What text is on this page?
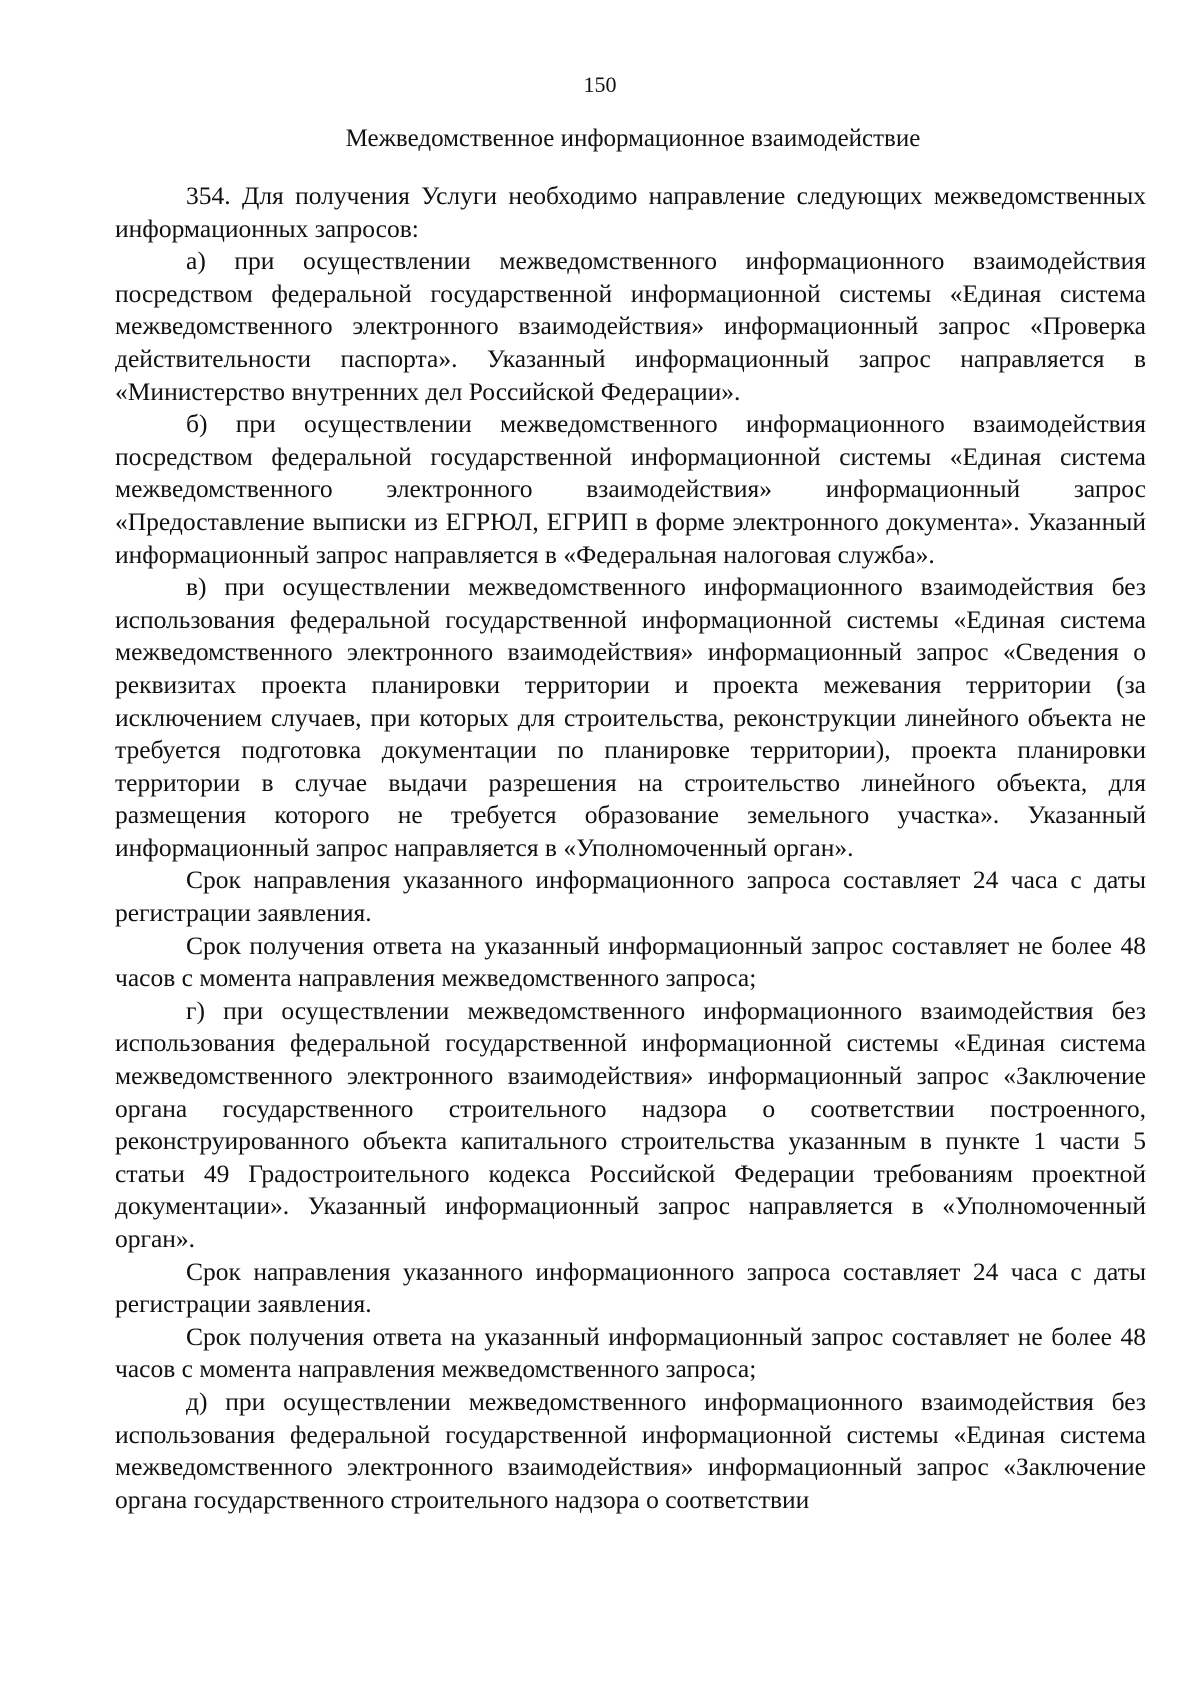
150
Межведомственное информационное взаимодействие

354. Для получения Услуги необходимо направление следующих межведомственных информационных запросов:

а) при осуществлении межведомственного информационного взаимодействия посредством федеральной государственной информационной системы «Единая система межведомственного электронного взаимодействия» информационный запрос «Проверка действительности паспорта». Указанный информационный запрос направляется в «Министерство внутренних дел Российской Федерации».

б) при осуществлении межведомственного информационного взаимодействия посредством федеральной государственной информационной системы «Единая система межведомственного электронного взаимодействия» информационный запрос «Предоставление выписки из ЕГРЮЛ, ЕГРИП в форме электронного документа». Указанный информационный запрос направляется в «Федеральная налоговая служба».

в) при осуществлении межведомственного информационного взаимодействия без использования федеральной государственной информационной системы «Единая система межведомственного электронного взаимодействия» информационный запрос «Сведения о реквизитах проекта планировки территории и проекта межевания территории (за исключением случаев, при которых для строительства, реконструкции линейного объекта не требуется подготовка документации по планировке территории), проекта планировки территории в случае выдачи разрешения на строительство линейного объекта, для размещения которого не требуется образование земельного участка». Указанный информационный запрос направляется в «Уполномоченный орган».

Срок направления указанного информационного запроса составляет 24 часа с даты регистрации заявления.

Срок получения ответа на указанный информационный запрос составляет не более 48 часов с момента направления межведомственного запроса;

г) при осуществлении межведомственного информационного взаимодействия без использования федеральной государственной информационной системы «Единая система межведомственного электронного взаимодействия» информационный запрос «Заключение органа государственного строительного надзора о соответствии построенного, реконструированного объекта капитального строительства указанным в пункте 1 части 5 статьи 49 Градостроительного кодекса Российской Федерации требованиям проектной документации». Указанный информационный запрос направляется в «Уполномоченный орган».

Срок направления указанного информационного запроса составляет 24 часа с даты регистрации заявления.

Срок получения ответа на указанный информационный запрос составляет не более 48 часов с момента направления межведомственного запроса;

д) при осуществлении межведомственного информационного взаимодействия без использования федеральной государственной информационной системы «Единая система межведомственного электронного взаимодействия» информационный запрос «Заключение органа государственного строительного надзора о соответствии
